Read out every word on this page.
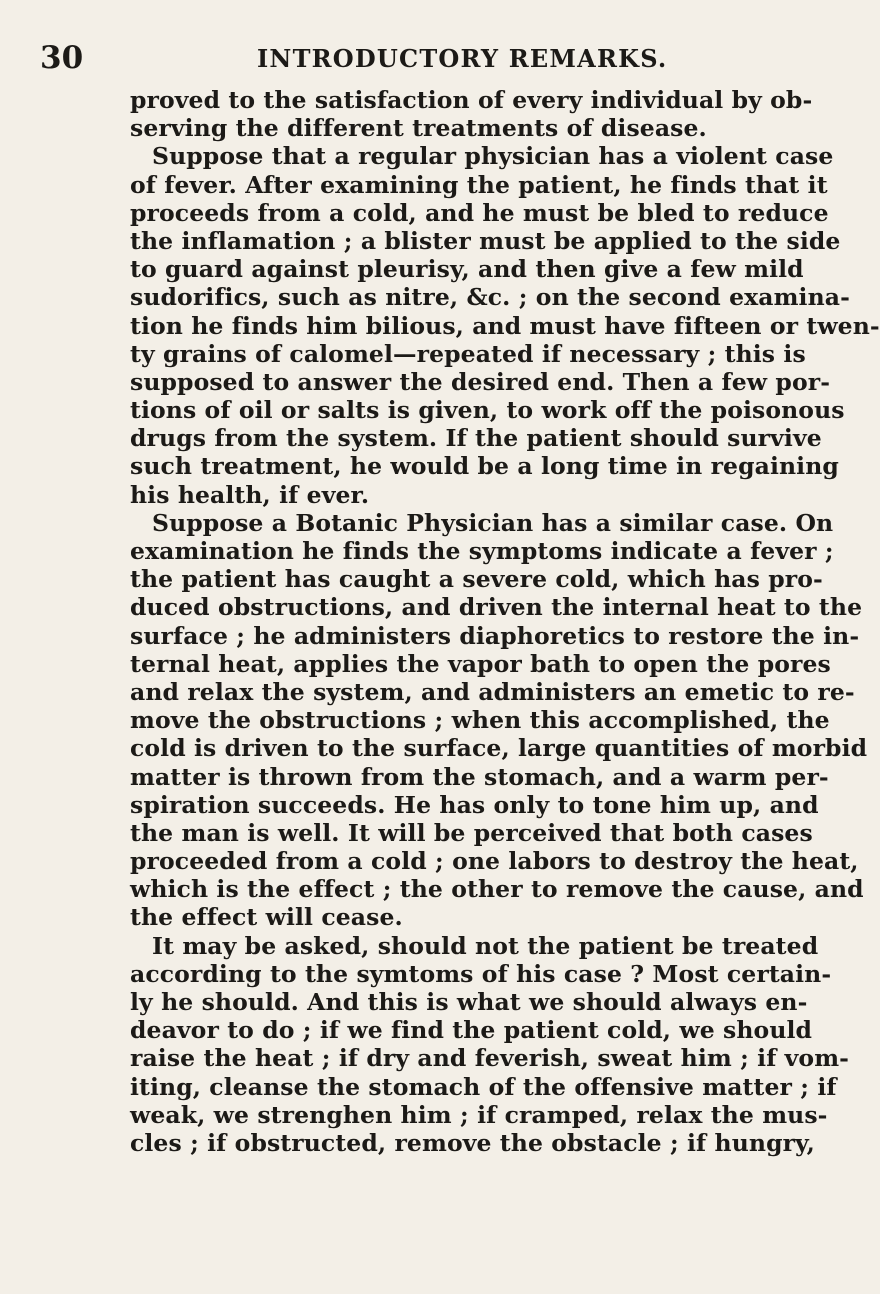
30	INTRODUCTORY REMARKS.
proved to the satisfaction of every individual by ob-
serving the different treatments of disease.
Suppose that a regular physician has a violent case
of fever. After examining the patient, he finds that it
proceeds from a cold, and he must be bled to reduce
the inflamation ; a blister must be applied to the side
to guard against pleurisy, and then give a few mild
sudorifics, such as nitre, &c. ; on the second examina-
tion he finds him bilious, and must have fifteen or twen-
ty grains of calomel—repeated if necessary ; this is
supposed to answer the desired end. Then a few por-
tions of oil or salts is given, to work off the poisonous
drugs from the system. If the patient should survive
such treatment, he would be a long time in regaining
his health, if ever.
Suppose a Botanic Physician has a similar case. On
examination he finds the symptoms indicate a fever ;
the patient has caught a severe cold, which has pro-
duced obstructions, and driven the internal heat to the
surface ; he administers diaphoretics to restore the in-
ternal heat, applies the vapor bath to open the pores
and relax the system, and administers an emetic to re-
move the obstructions ; when this accomplished, the
cold is driven to the surface, large quantities of morbid
matter is thrown from the stomach, and a warm per-
spiration succeeds. He has only to tone him up, and
the man is well. It will be perceived that both cases
proceeded from a cold ; one labors to destroy the heat,
which is the effect ; the other to remove the cause, and
the effect will cease.
It may be asked, should not the patient be treated
according to the symtoms of his case ? Most certain-
ly he should. And this is what we should always en-
deavor to do ; if we find the patient cold, we should
raise the heat ; if dry and feverish, sweat him ; if vom-
iting, cleanse the stomach of the offensive matter ; if
weak, we strenghen him ; if cramped, relax the mus-
cles ; if obstructed, remove the obstacle ; if hungry,
